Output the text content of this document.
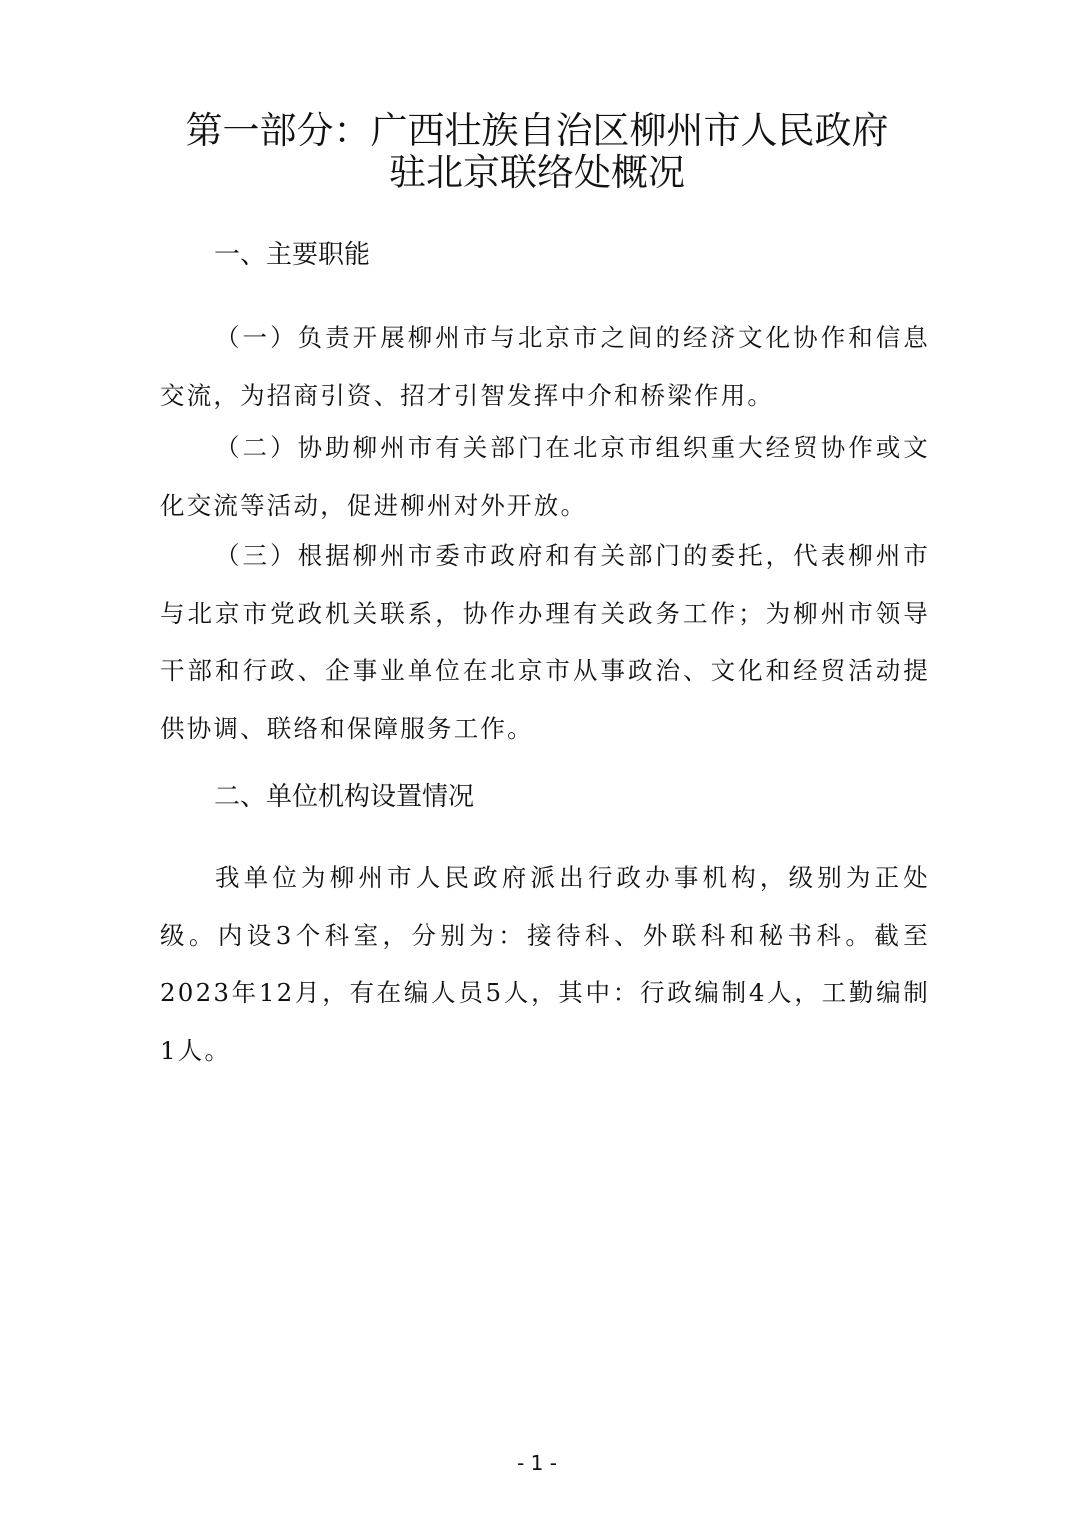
第一部分：广西壮族自治区柳州市人民政府
驻北京联络处概况
一、主要职能

（一）负责开展柳州市与北京市之间的经济文化协作和信息交流，为招商引资、招才引智发挥中介和桥梁作用。

（二）协助柳州市有关部门在北京市组织重大经贸协作或文化交流等活动，促进柳州对外开放。

（三）根据柳州市委市政府和有关部门的委托，代表柳州市与北京市党政机关联系，协作办理有关政务工作；为柳州市领导干部和行政、企事业单位在北京市从事政治、文化和经贸活动提供协调、联络和保障服务工作。

二、单位机构设置情况

我单位为柳州市人民政府派出行政办事机构，级别为正处级。内设3个科室，分别为：接待科、外联科和秘书科。截至2023年12月，有在编人员5人，其中：行政编制4人，工勤编制1人。

- 1 -
